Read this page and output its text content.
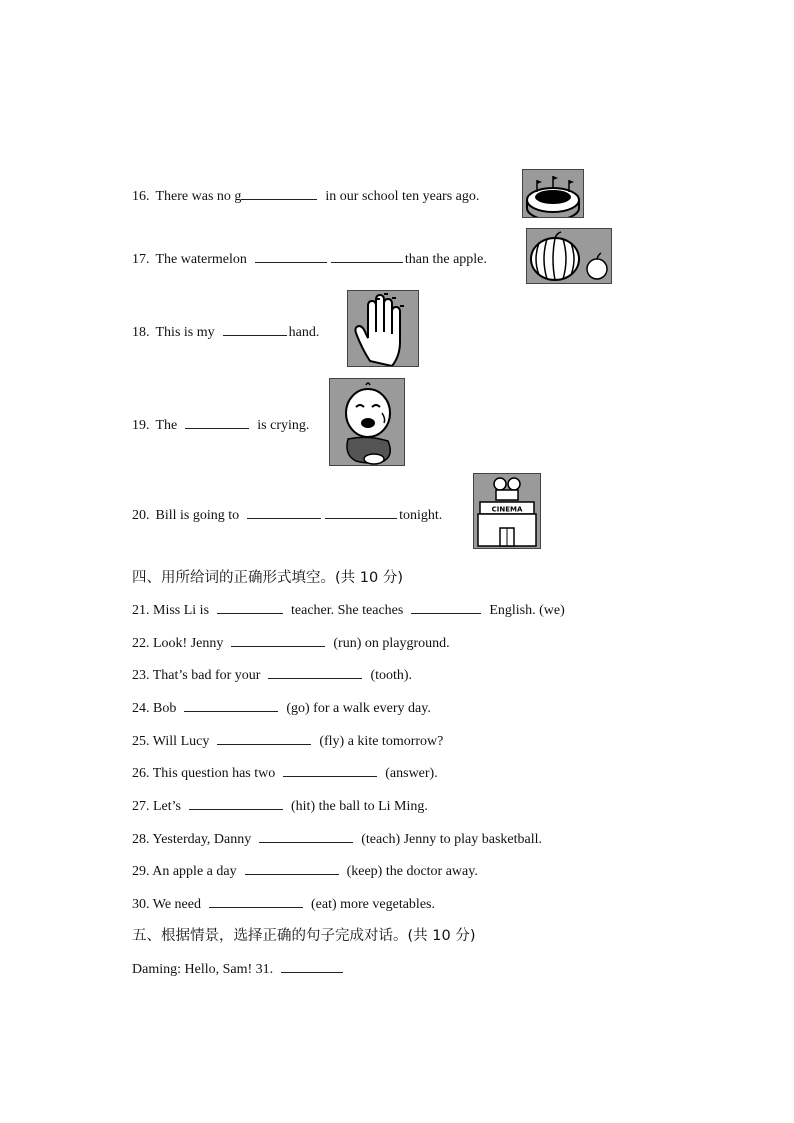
16. There was no g	in our school ten years ago.
17. The watermelon	than the apple.
18. This is my	hand.
19. The	is crying.
20. Bill is going to	tonight.	CINEMA
四、用所给词的正确形式填空。(共 10 分)
21. Miss Li is	teacher. She teaches	English. (we)
22. Look! Jenny	(run) on playground.
23. That’s bad for your	(tooth).
24. Bob	(go) for a walk every day.
25. Will Lucy	(fly) a kite tomorrow?
26. This question has two	(answer).
27. Let’s	(hit) the ball to Li Ming.
28. Yesterday, Danny	(teach) Jenny to play basketball.
29. An apple a day	(keep) the doctor away.
30. We need	(eat) more vegetables.
五、根据情景，选择正确的句子完成对话。(共 10 分)
Daming: Hello, Sam! 31.
